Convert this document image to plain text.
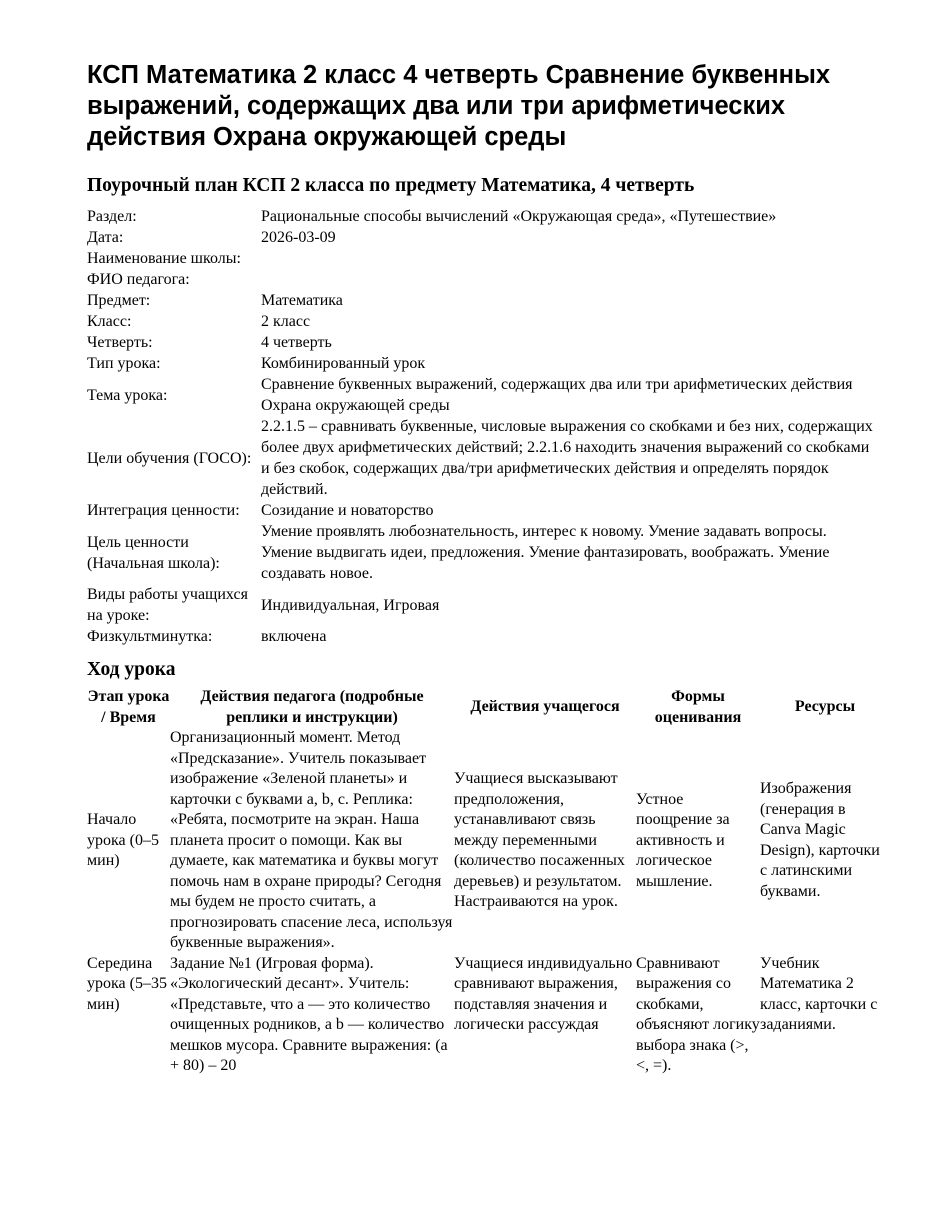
КСП Математика 2 класс 4 четверть Сравнение буквенных выражений, содержащих два или три арифметических действия Охрана окружающей среды
Поурочный план КСП 2 класса по предмету Математика, 4 четверть
Раздел:	Рациональные способы вычислений «Окружающая среда», «Путешествие»
Дата:	2026-03-09
Наименование школы:	
ФИО педагога:	
Предмет:	Математика
Класс:	2 класс
Четверть:	4 четверть
Тип урока:	Комбинированный урок
Тема урока:	Сравнение буквенных выражений, содержащих два или три арифметических действия Охрана окружающей среды
Цели обучения (ГОСО):	2.2.1.5 – сравнивать буквенные, числовые выражения со скобками и без них, содержащих более двух арифметических действий; 2.2.1.6 находить значения выражений со скобками и без скобок, содержащих два/три арифметических действия и определять порядок действий.
Интеграция ценности:	Созидание и новаторство
Цель ценности (Начальная школа):	Умение проявлять любознательность, интерес к новому. Умение задавать вопросы. Умение выдвигать идеи, предложения. Умение фантазировать, воображать. Умение создавать новое.
Виды работы учащихся на уроке:	Индивидуальная, Игровая
Физкультминутка:	включена
Ход урока
Этап урока / Время	Действия педагога (подробные реплики и инструкции)	Действия учащегося	Формы оценивания	Ресурсы
Начало урока (0–5 мин)	Организационный момент. Метод «Предсказание». Учитель показывает изображение «Зеленой планеты» и карточки с буквами a, b, c. Реплика: «Ребята, посмотрите на экран. Наша планета просит о помощи. Как вы думаете, как математика и буквы могут помочь нам в охране природы? Сегодня мы будем не просто считать, а прогнозировать спасение леса, используя буквенные выражения».	Учащиеся высказывают предположения, устанавливают связь между переменными (количество посаженных деревьев) и результатом. Настраиваются на урок.	Устное поощрение за активность и логическое мышление.	Изображения (генерация в Canva Magic Design), карточки с латинскими буквами.
Середина урока (5–35 мин)	Задание №1 (Игровая форма). «Экологический десант». Учитель: «Представьте, что a — это количество очищенных родников, а b — количество мешков мусора. Сравните выражения: (a + 80) – 20	Учащиеся индивидуально сравнивают выражения, подставляя значения и логически рассуждая	Сравнивают выражения со скобками, объясняют логику выбора знака (>, <, =).	Учебник Математика 2 класс, карточки с заданиями.
